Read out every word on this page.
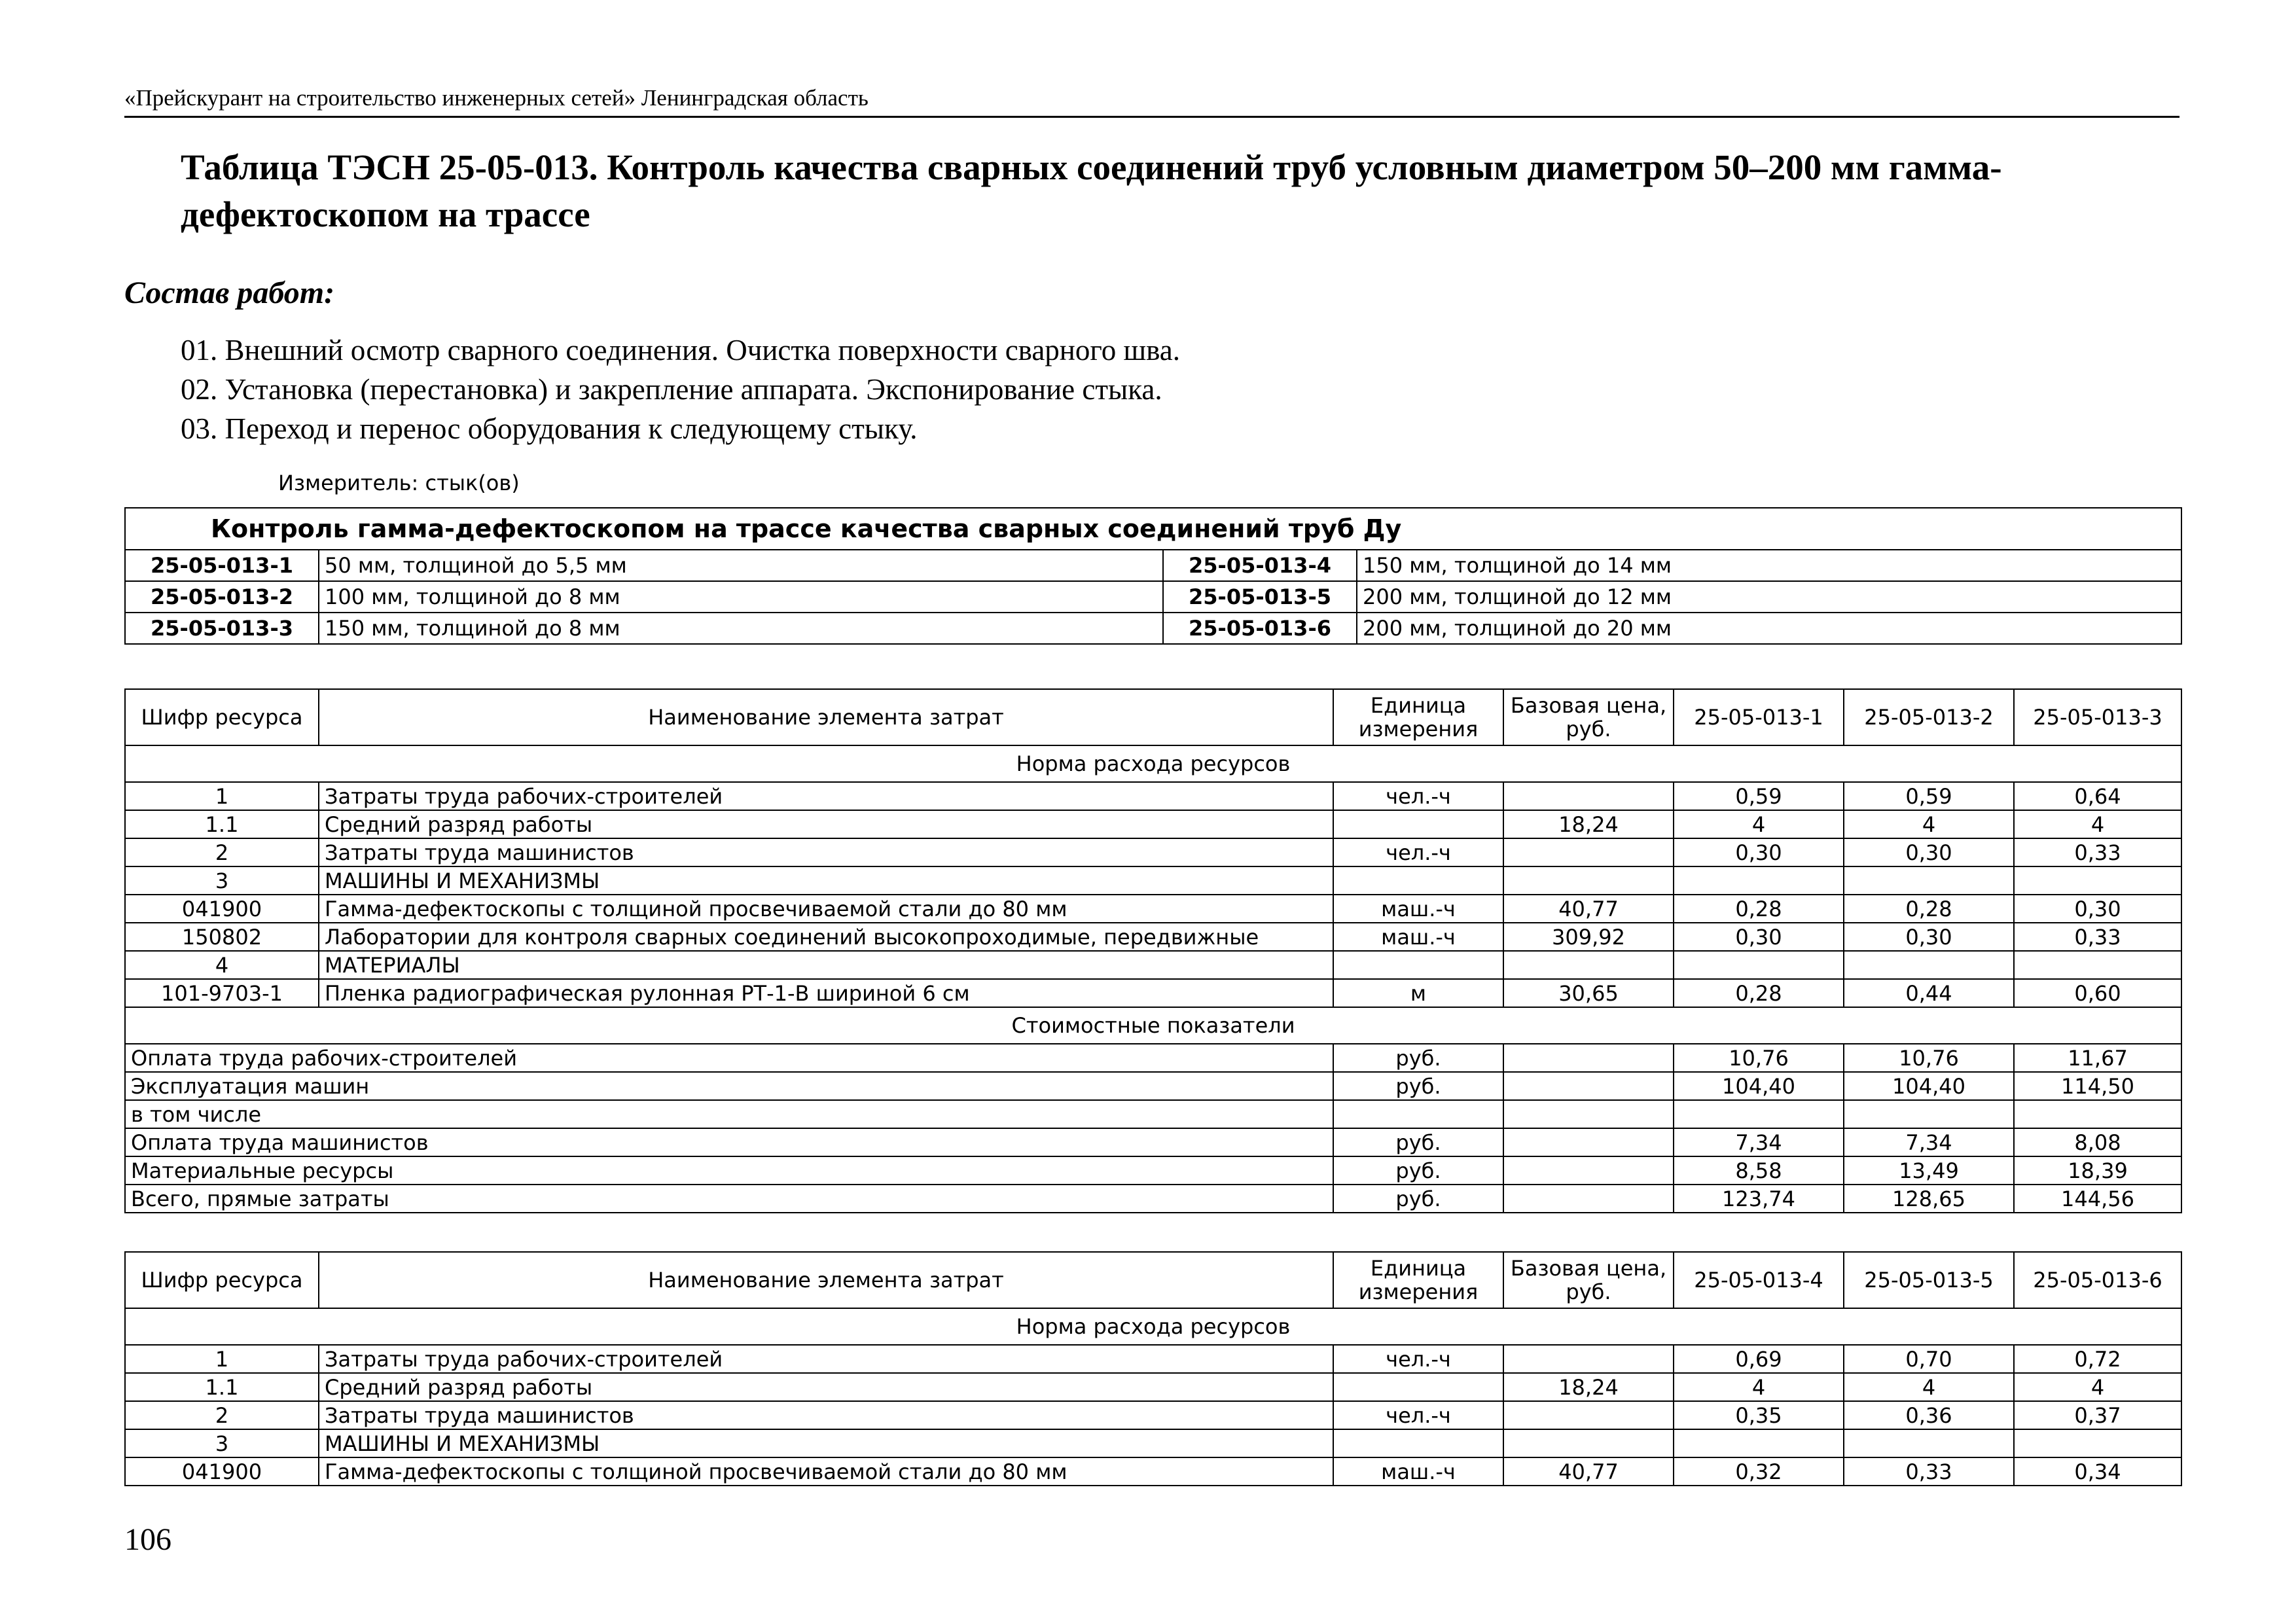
«Прейскурант на строительство инженерных сетей» Ленинградская область
Таблица ТЭСН 25-05-013. Контроль качества сварных соединений труб условным диаметром 50–200 мм гамма-дефектоскопом на трассе
Состав работ:
01. Внешний осмотр сварного соединения. Очистка поверхности сварного шва.
02. Установка (перестановка) и закрепление аппарата. Экспонирование стыка.
03. Переход и перенос оборудования к следующему стыку.
Измеритель: стык(ов)
Контроль гамма-дефектоскопом на трассе качества сварных соединений труб Ду			
25-05-013-1	50 мм, толщиной до 5,5 мм	25-05-013-4	150 мм, толщиной до 14 мм
25-05-013-2	100 мм, толщиной до 8 мм	25-05-013-5	200 мм, толщиной до 12 мм
25-05-013-3	150 мм, толщиной до 8 мм	25-05-013-6	200 мм, толщиной до 20 мм
Шифр ресурса	Наименование элемента затрат	Единица измерения	Базовая цена, руб.	25-05-013-1	25-05-013-2	25-05-013-3
Норма расхода ресурсов						
1	Затраты труда рабочих-строителей	чел.-ч		0,59	0,59	0,64
1.1	Средний разряд работы		18,24	4	4	4
2	Затраты труда машинистов	чел.-ч		0,30	0,30	0,33
3	МАШИНЫ И МЕХАНИЗМЫ					
041900	Гамма-дефектоскопы с толщиной просвечиваемой стали до 80 мм	маш.-ч	40,77	0,28	0,28	0,30
150802	Лаборатории для контроля сварных соединений высокопроходимые, передвижные	маш.-ч	309,92	0,30	0,30	0,33
4	МАТЕРИАЛЫ					
101-9703-1	Пленка радиографическая рулонная РТ-1-В шириной 6 см	м	30,65	0,28	0,44	0,60
Стоимостные показатели						
Оплата труда рабочих-строителей		руб.		10,76	10,76	11,67
Эксплуатация машин		руб.		104,40	104,40	114,50
в том числе						
Оплата труда машинистов		руб.		7,34	7,34	8,08
Материальные ресурсы		руб.		8,58	13,49	18,39
Всего, прямые затраты		руб.		123,74	128,65	144,56
Шифр ресурса	Наименование элемента затрат	Единица измерения	Базовая цена, руб.	25-05-013-4	25-05-013-5	25-05-013-6
Норма расхода ресурсов						
1	Затраты труда рабочих-строителей	чел.-ч		0,69	0,70	0,72
1.1	Средний разряд работы		18,24	4	4	4
2	Затраты труда машинистов	чел.-ч		0,35	0,36	0,37
3	МАШИНЫ И МЕХАНИЗМЫ					
041900	Гамма-дефектоскопы с толщиной просвечиваемой стали до 80 мм	маш.-ч	40,77	0,32	0,33	0,34
106
